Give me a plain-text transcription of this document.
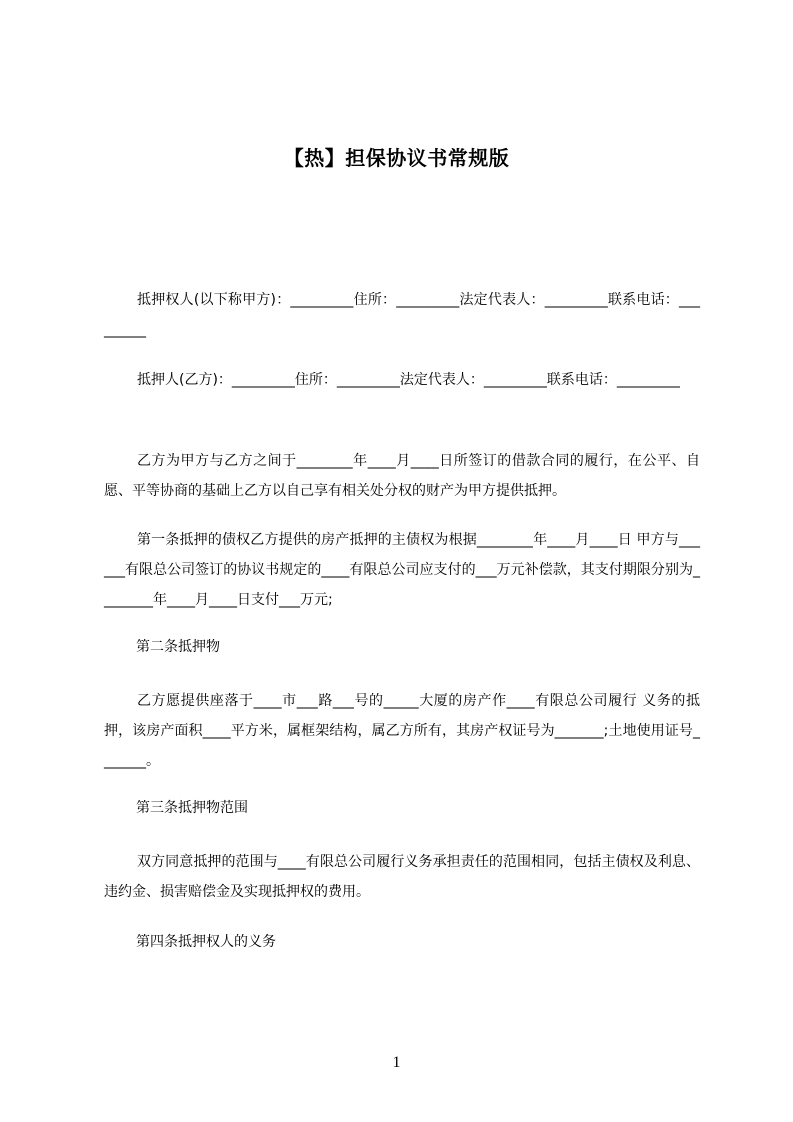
【热】担保协议书常规版
抵押权人(以下称甲方)：_________住所：_________法定代表人：_________联系电话：_________
抵押人(乙方)：_________住所：_________法定代表人：_________联系电话：_________
乙方为甲方与乙方之间于________年____月____日所签订的借款合同的履行，在公平、自愿、平等协商的基础上乙方以自己享有相关处分权的财产为甲方提供抵押。
第一条抵押的债权乙方提供的房产抵押的主债权为根据________年____月____日 甲方与______有限总公司签订的协议书规定的____有限总公司应支付的___万元补偿款，其支付期限分别为________年____月____日支付___万元;
第二条抵押物
乙方愿提供座落于____市___路___号的_____大厦的房产作____有限总公司履行 义务的抵押，该房产面积____平方米，属框架结构，属乙方所有，其房产权证号为_______;土地使用证号_______。
第三条抵押物范围
双方同意抵押的范围与____有限总公司履行义务承担责任的范围相同，包括主债权及利息、违约金、损害赔偿金及实现抵押权的费用。
第四条抵押权人的义务
1
